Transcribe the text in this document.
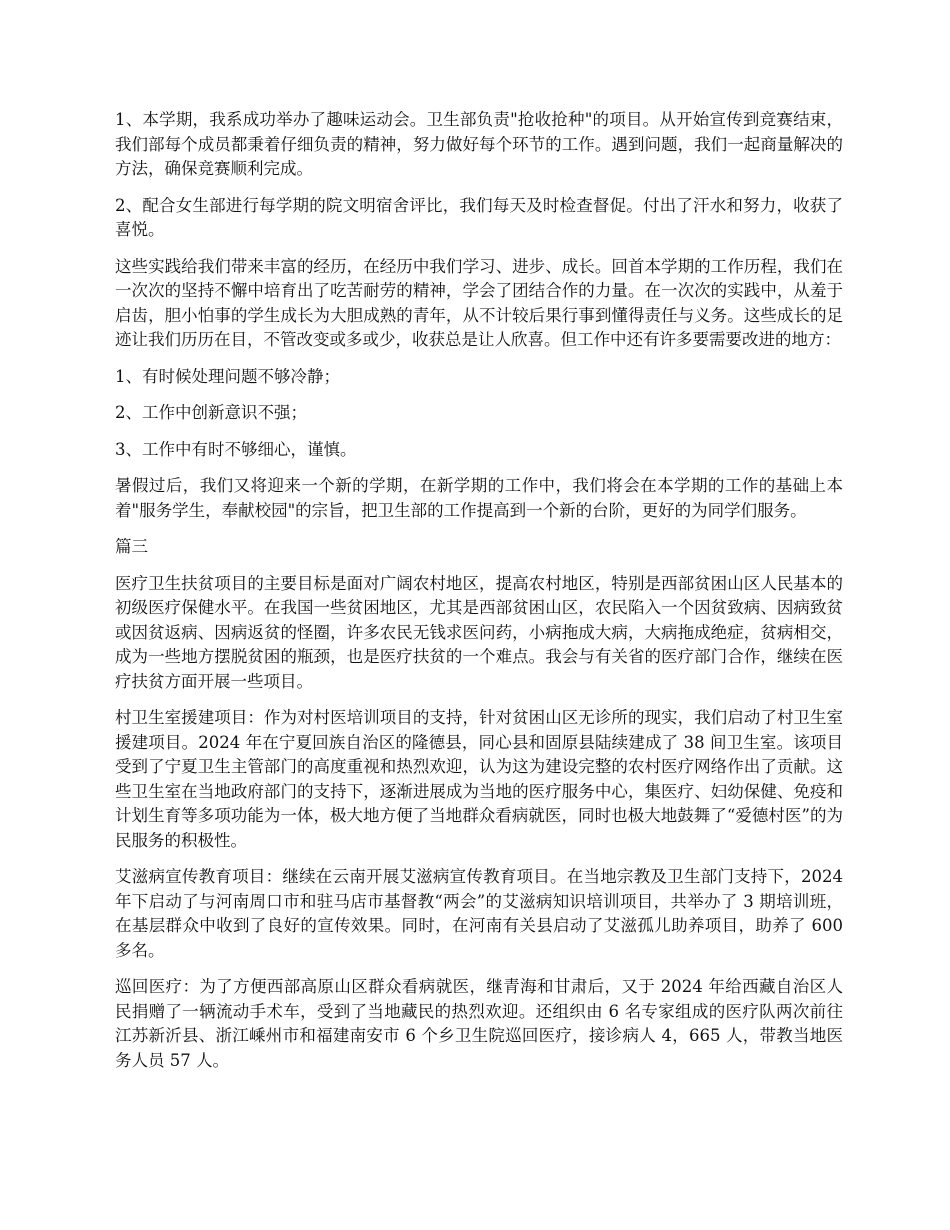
1、本学期，我系成功举办了趣味运动会。卫生部负责"抢收抢种"的项目。从开始宣传到竞赛结束，我们部每个成员都秉着仔细负责的精神，努力做好每个环节的工作。遇到问题，我们一起商量解决的方法，确保竞赛顺利完成。

2、配合女生部进行每学期的院文明宿舍评比，我们每天及时检查督促。付出了汗水和努力，收获了喜悦。

这些实践给我们带来丰富的经历，在经历中我们学习、进步、成长。回首本学期的工作历程，我们在一次次的坚持不懈中培育出了吃苦耐劳的精神，学会了团结合作的力量。在一次次的实践中，从羞于启齿，胆小怕事的学生成长为大胆成熟的青年，从不计较后果行事到懂得责任与义务。这些成长的足迹让我们历历在目，不管改变或多或少，收获总是让人欣喜。但工作中还有许多要需要改进的地方：

1、有时候处理问题不够冷静；

2、工作中创新意识不强；

3、工作中有时不够细心，谨慎。

暑假过后，我们又将迎来一个新的学期，在新学期的工作中，我们将会在本学期的工作的基础上本着"服务学生，奉献校园"的宗旨，把卫生部的工作提高到一个新的台阶，更好的为同学们服务。

篇三

医疗卫生扶贫项目的主要目标是面对广阔农村地区，提高农村地区，特别是西部贫困山区人民基本的初级医疗保健水平。在我国一些贫困地区，尤其是西部贫困山区，农民陷入一个因贫致病、因病致贫或因贫返病、因病返贫的怪圈，许多农民无钱求医问药，小病拖成大病，大病拖成绝症，贫病相交，成为一些地方摆脱贫困的瓶颈，也是医疗扶贫的一个难点。我会与有关省的医疗部门合作，继续在医疗扶贫方面开展一些项目。

村卫生室援建项目：作为对村医培训项目的支持，针对贫困山区无诊所的现实，我们启动了村卫生室援建项目。2024 年在宁夏回族自治区的隆德县，同心县和固原县陆续建成了 38 间卫生室。该项目受到了宁夏卫生主管部门的高度重视和热烈欢迎，认为这为建设完整的农村医疗网络作出了贡献。这些卫生室在当地政府部门的支持下，逐渐进展成为当地的医疗服务中心，集医疗、妇幼保健、免疫和计划生育等多项功能为一体，极大地方便了当地群众看病就医，同时也极大地鼓舞了“爱德村医”的为民服务的积极性。

艾滋病宣传教育项目：继续在云南开展艾滋病宣传教育项目。在当地宗教及卫生部门支持下，2024 年下启动了与河南周口市和驻马店市基督教“两会”的艾滋病知识培训项目，共举办了 3 期培训班，在基层群众中收到了良好的宣传效果。同时，在河南有关县启动了艾滋孤儿助养项目，助养了 600 多名。

巡回医疗：为了方便西部高原山区群众看病就医，继青海和甘肃后，又于 2024 年给西藏自治区人民捐赠了一辆流动手术车，受到了当地藏民的热烈欢迎。还组织由 6 名专家组成的医疗队两次前往江苏新沂县、浙江嵊州市和福建南安市 6 个乡卫生院巡回医疗，接诊病人 4，665 人，带教当地医务人员 57 人。
